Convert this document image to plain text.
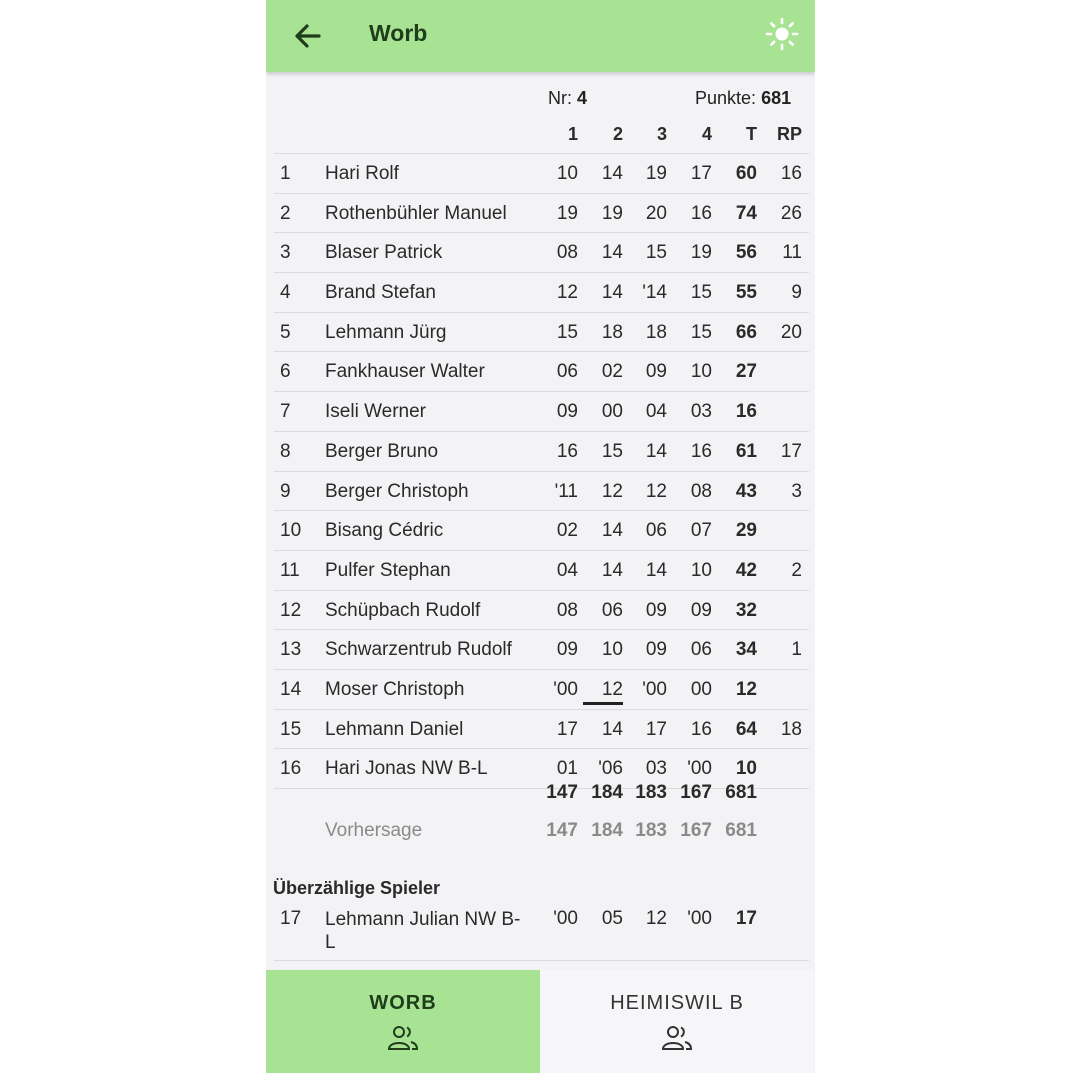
Worb
Nr: 4	Punkte: 681
1	2	3	4	T	RP
1 Hari Rolf	10	14	19	17	60	16
2 Rothenbühler Manuel	19	19	20	16	74	26
3 Blaser Patrick	08	14	15	19	56	11
4 Brand Stefan	12	14	'14	15	55	9
5 Lehmann Jürg	15	18	18	15	66	20
6 Fankhauser Walter	06	02	09	10	27
7 Iseli Werner	09	00	04	03	16
8 Berger Bruno	16	15	14	16	61	17
9 Berger Christoph	'11	12	12	08	43	3
10 Bisang Cédric	02	14	06	07	29
11 Pulfer Stephan	04	14	14	10	42	2
12 Schüpbach Rudolf	08	06	09	09	32
13 Schwarzentrub Rudolf	09	10	09	06	34	1
14 Moser Christoph	'00	12	'00	00	12
15 Lehmann Daniel	17	14	17	16	64	18
16 Hari Jonas NW B-L	01	'06	03	'00	10
147 184 183 167 681
Vorhersage	147 184 183 167 681
Überzählige Spieler
17 Lehmann Julian NW B-
L
'00	05	12	'00	17
WORB	HEIMISWIL B
